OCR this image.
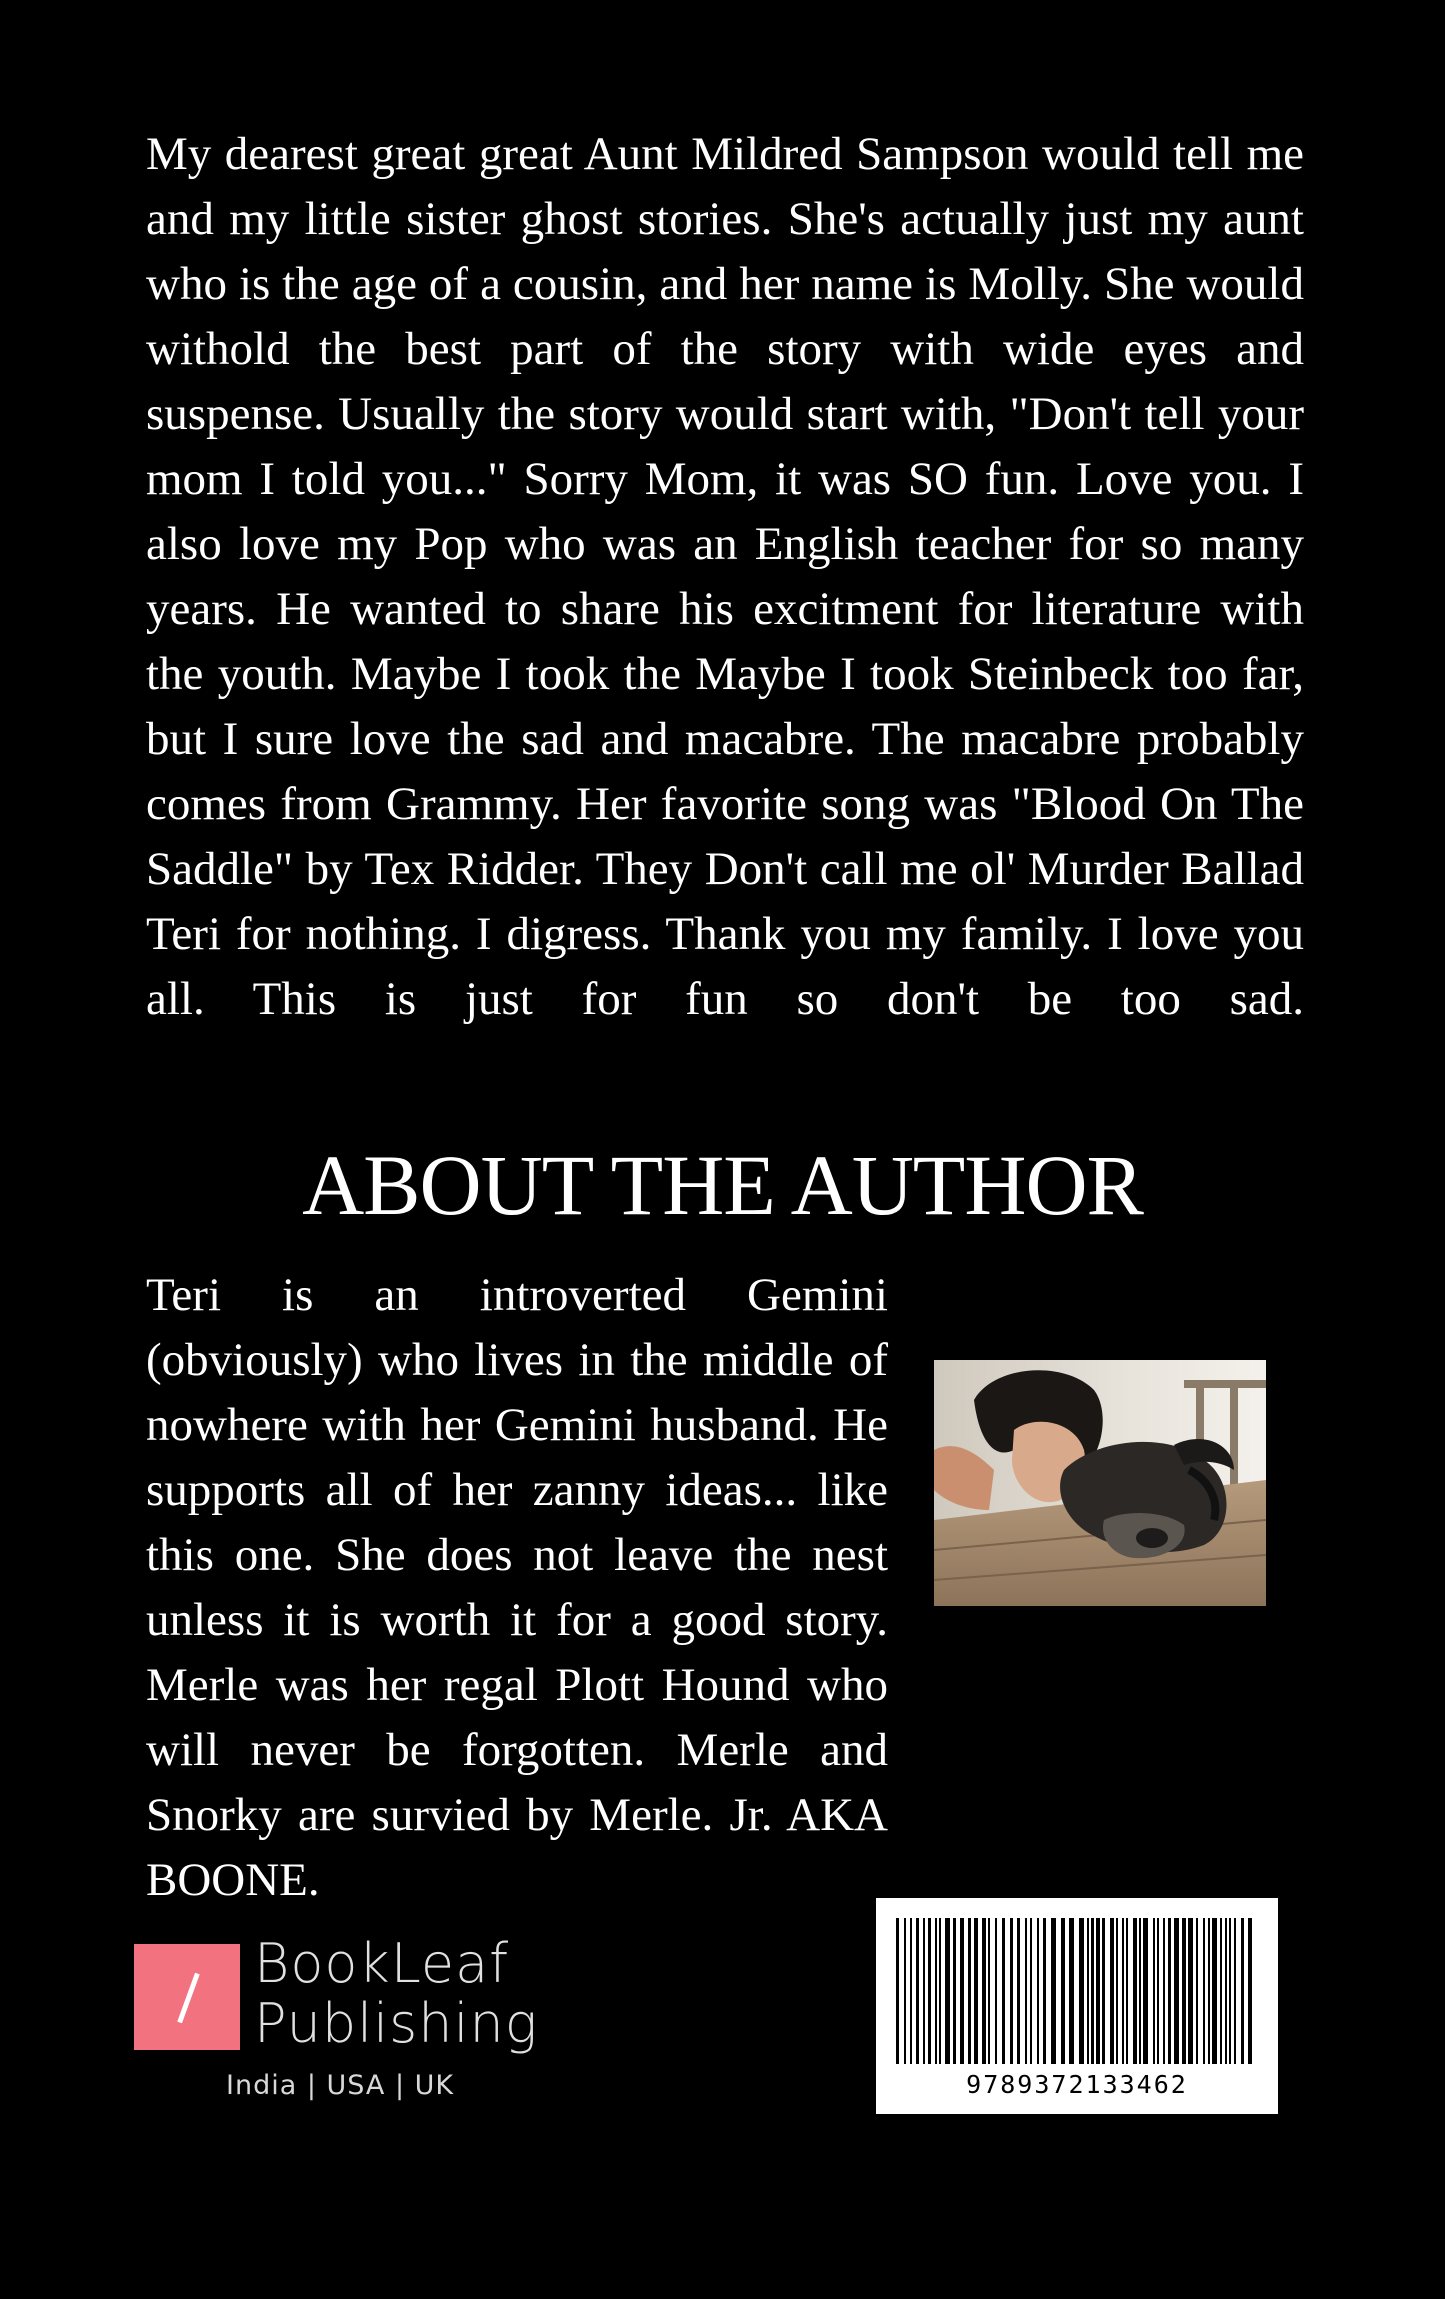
My dearest great great Aunt Mildred Sampson would tell me and my little sister ghost stories. She's actually just my aunt who is the age of a cousin, and her name is Molly. She would withold the best part of the story with wide eyes and suspense. Usually the story would start with, "Don't tell your mom I told you..." Sorry Mom, it was SO fun. Love you. I also love my Pop who was an English teacher for so many years. He wanted to share his excitment for literature with the youth. Maybe I took the Maybe I took Steinbeck too far, but I sure love the sad and macabre. The macabre probably comes from Grammy. Her favorite song was "Blood On The Saddle" by Tex Ridder. They Don't call me ol' Murder Ballad Teri for nothing. I digress. Thank you my family. I love you all. This is just for fun so don't be too sad.

ABOUT THE AUTHOR

Teri is an introverted Gemini (obviously) who lives in the middle of nowhere with her Gemini husband. He supports all of her zanny ideas... like this one. She does not leave the nest unless it is worth it for a good story. Merle was her regal Plott Hound who will never be forgotten. Merle and Snorky are survied by Merle. Jr. AKA BOONE.

BookLeaf
Publishing
India | USA | UK	9789372133462
